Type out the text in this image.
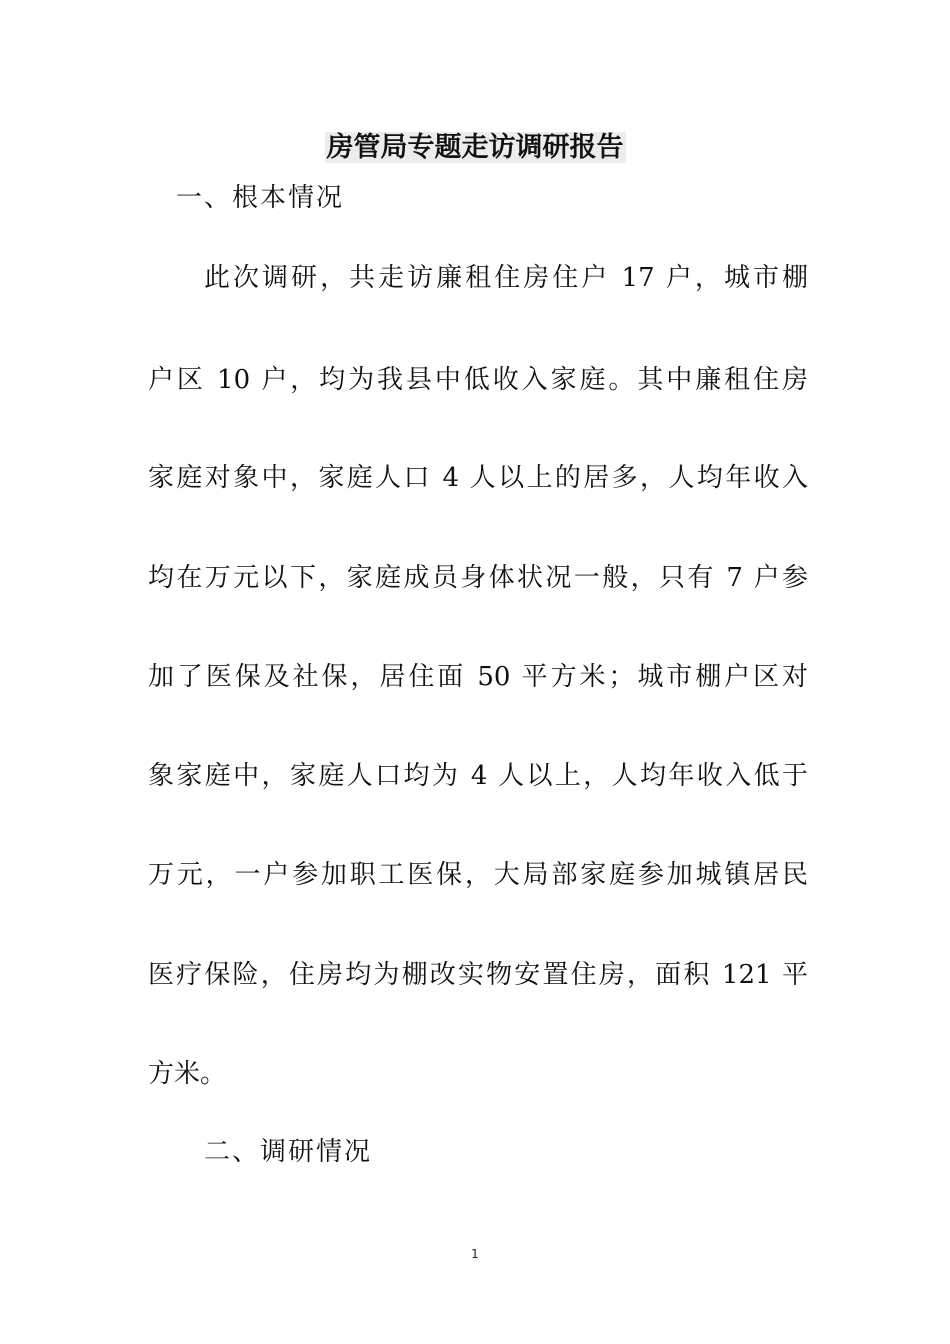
房管局专题走访调研报告
一、根本情况
此次调研，共走访廉租住房住户 17 户，城市棚
户区 10 户，均为我县中低收入家庭。其中廉租住房
家庭对象中，家庭人口 4 人以上的居多，人均年收入
均在万元以下，家庭成员身体状况一般，只有 7 户参
加了医保及社保，居住面 50 平方米；城市棚户区对
象家庭中，家庭人口均为 4 人以上，人均年收入低于
万元，一户参加职工医保，大局部家庭参加城镇居民
医疗保险，住房均为棚改实物安置住房，面积 121 平
方米。
二、调研情况
1
